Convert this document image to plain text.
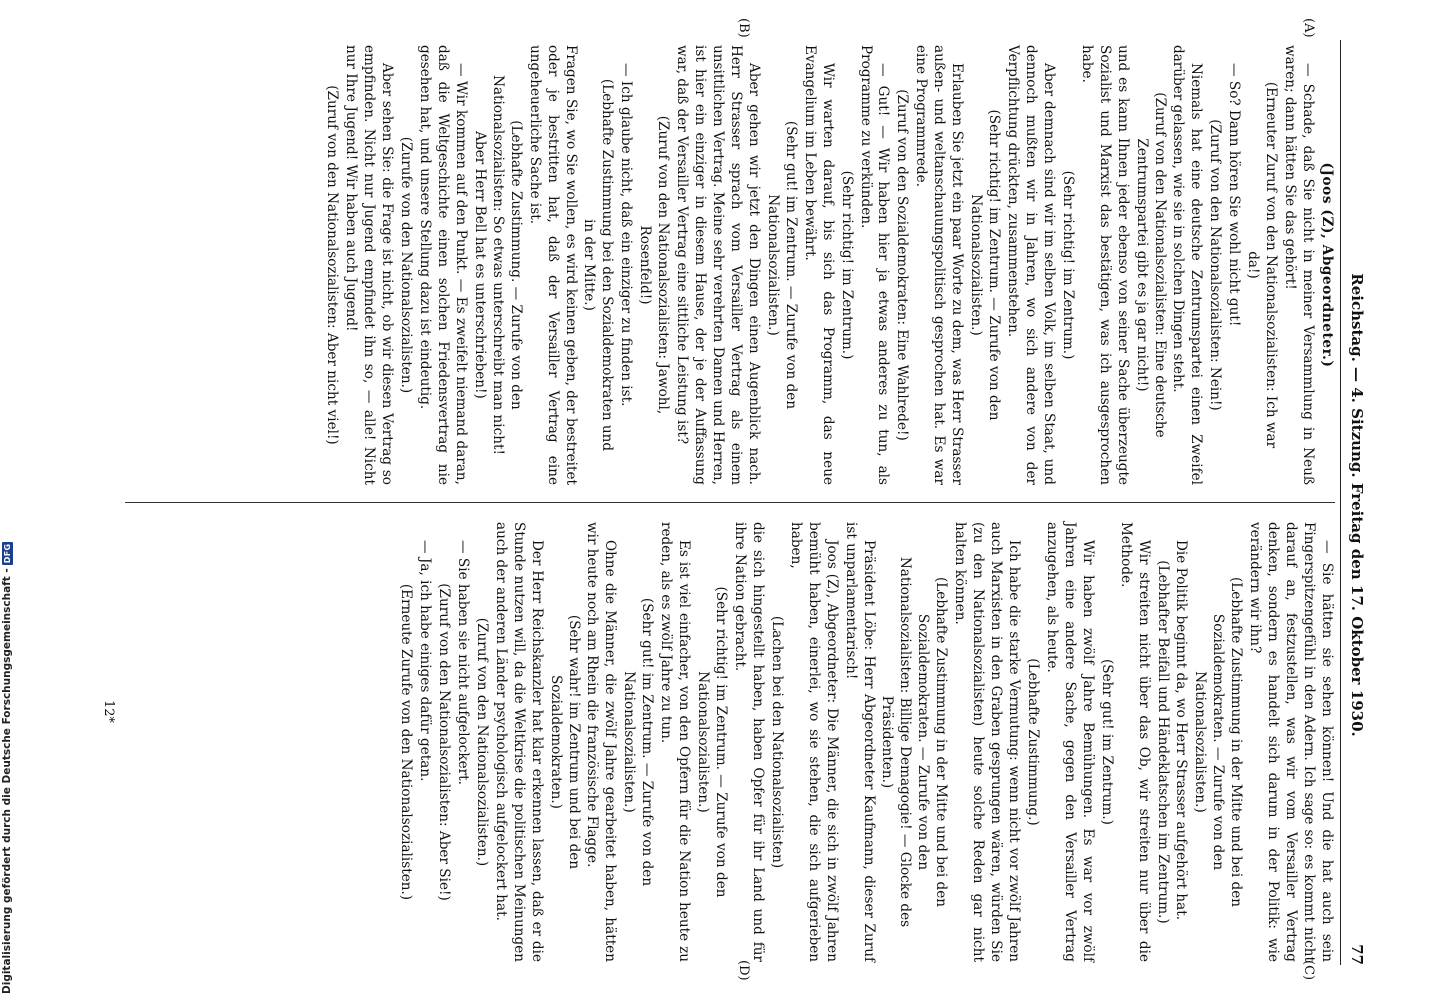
Reichstag. — 4. Sitzung. Freitag den 17. Oktober 1930.
77
(A)
(B)
(C)
(D)

(Joos (Z), Abgeordneter.)

— Schade, daß Sie nicht in meiner Versammlung in Neuß waren; dann hätten Sie das gehört!

(Erneuter Zuruf von den Nationalsozialisten: Ich war da!)

— So? Dann hören Sie wohl nicht gut!

(Zuruf von den Nationalsozialisten: Nein!)

Niemals hat eine deutsche Zentrumspartei einen Zweifel darüber gelassen, wie sie in solchen Dingen steht.

(Zuruf von den Nationalsozialisten: Eine deutsche Zentrumspartei gibt es ja gar nicht!)

und es kann Ihnen jeder ebenso von seiner Sache überzeugte Sozialist und Marxist das bestätigen, was ich ausgesprochen habe.

(Sehr richtig! im Zentrum.)

Aber demnach sind wir im selben Volk, im selben Staat, und dennoch mußten wir in Jahren, wo sich andere von der Verpflichtung drückten, zusammenstehen.

(Sehr richtig! im Zentrum. — Zurufe von den Nationalsozialisten.)

Erlauben Sie jetzt ein paar Worte zu dem, was Herr Strasser außen- und weltanschauungspolitisch gesprochen hat. Es war eine Programmrede.

(Zuruf von den Sozialdemokraten: Eine Wahlrede!)

— Gut! — Wir haben hier ja etwas anderes zu tun, als Programme zu verkünden.

(Sehr richtig! im Zentrum.)

Wir warten darauf, bis sich das Programm, das neue Evangelium im Leben bewährt.

(Sehr gut! im Zentrum. — Zurufe von den Nationalsozialisten.)

Aber gehen wir jetzt den Dingen einen Augenblick nach. Herr Strasser sprach vom Versailler Vertrag als einem unsittlichen Vertrag. Meine sehr verehrten Damen und Herren, ist hier ein einziger in diesem Hause, der je der Auffassung war, daß der Versailler Vertrag eine sittliche Leistung ist?

(Zuruf von den Nationalsozialisten: Jawohl, Rosenfeld!)

— Ich glaube nicht, daß ein einziger zu finden ist.

(Lebhafte Zustimmung bei den Sozialdemokraten und in der Mitte.)

Fragen Sie, wo Sie wollen, es wird keinen geben, der bestreitet oder je bestritten hat, daß der Versailler Vertrag eine ungeheuerliche Sache ist.

(Lebhafte Zustimmung. — Zurufe von den Nationalsozialisten: So etwas unterschreibt man nicht! Aber Herr Bell hat es unterschrieben!)

— Wir kommen auf den Punkt. — Es zweifelt niemand daran, daß die Weltgeschichte einen solchen Friedensvertrag nie gesehen hat, und unsere Stellung dazu ist eindeutig.

(Zurufe von den Nationalsozialisten.)

Aber sehen Sie: die Frage ist nicht, ob wir diesen Vertrag so empfinden. Nicht nur Jugend empfindet ihn so, — alle! Nicht nur Ihre Jugend! Wir haben auch Jugend!

(Zuruf von den Nationalsozialisten: Aber nicht viel!)

— Sie hätten sie sehen können! Und die hat auch sein Fingerspitzengefühl in den Adern. Ich sage so: es kommt nicht darauf an, festzustellen, was wir vom Versailler Vertrag denken, sondern es handelt sich darum in der Politik: wie verändern wir ihn?

(Lebhafte Zustimmung in der Mitte und bei den Sozialdemokraten. — Zurufe von den Nationalsozialisten.)

Die Politik beginnt da, wo Herr Strasser aufgehört hat.

(Lebhafter Beifall und Händeklatschen im Zentrum.)

Wir streiten nicht über das Ob, wir streiten nur über die Methode.

(Sehr gut! im Zentrum.)

Wir haben zwölf Jahre Bemühungen. Es war vor zwölf Jahren eine andere Sache, gegen den Versailler Vertrag anzugehen, als heute.

(Lebhafte Zustimmung.)

Ich habe die starke Vermutung: wenn nicht vor zwölf Jahren auch Marxisten in den Graben gesprungen wären, würden Sie (zu den Nationalsozialisten) heute solche Reden gar nicht halten können.

(Lebhafte Zustimmung in der Mitte und bei den Sozialdemokraten. — Zurufe von den Nationalsozialisten: Billige Demagogie! — Glocke des Präsidenten.)

Präsident Löbe: Herr Abgeordneter Kaufmann, dieser Zuruf ist unparlamentarisch!

Joos (Z), Abgeordneter: Die Männer, die sich in zwölf Jahren bemüht haben, einerlei, wo sie stehen, die sich aufgerieben haben,

(Lachen bei den Nationalsozialisten)

die sich hingestellt haben, haben Opfer für ihr Land und für ihre Nation gebracht.

(Sehr richtig! im Zentrum. — Zurufe von den Nationalsozialisten.)

Es ist viel einfacher, von den Opfern für die Nation heute zu reden, als es zwölf Jahre zu tun.

(Sehr gut! im Zentrum. — Zurufe von den Nationalsozialisten.)

Ohne die Männer, die zwölf Jahre gearbeitet haben, hätten wir heute noch am Rhein die französische Flagge.

(Sehr wahr! im Zentrum und bei den Sozialdemokraten.)

Der Herr Reichskanzler hat klar erkennen lassen, daß er die Stunde nutzen will, da die Weltkrise die politischen Meinungen auch der anderen Länder psychologisch aufgelockert hat.

(Zuruf von den Nationalsozialisten.)

— Sie haben sie nicht aufgelockert.

(Zuruf von den Nationalsozialisten: Aber Sie!)

— Ja, ich habe einiges dafür getan.

(Erneute Zurufe von den Nationalsozialisten.)

12*
Digitalisierung gefördert durch die Deutsche Forschungsgemeinschaft -
DFG
